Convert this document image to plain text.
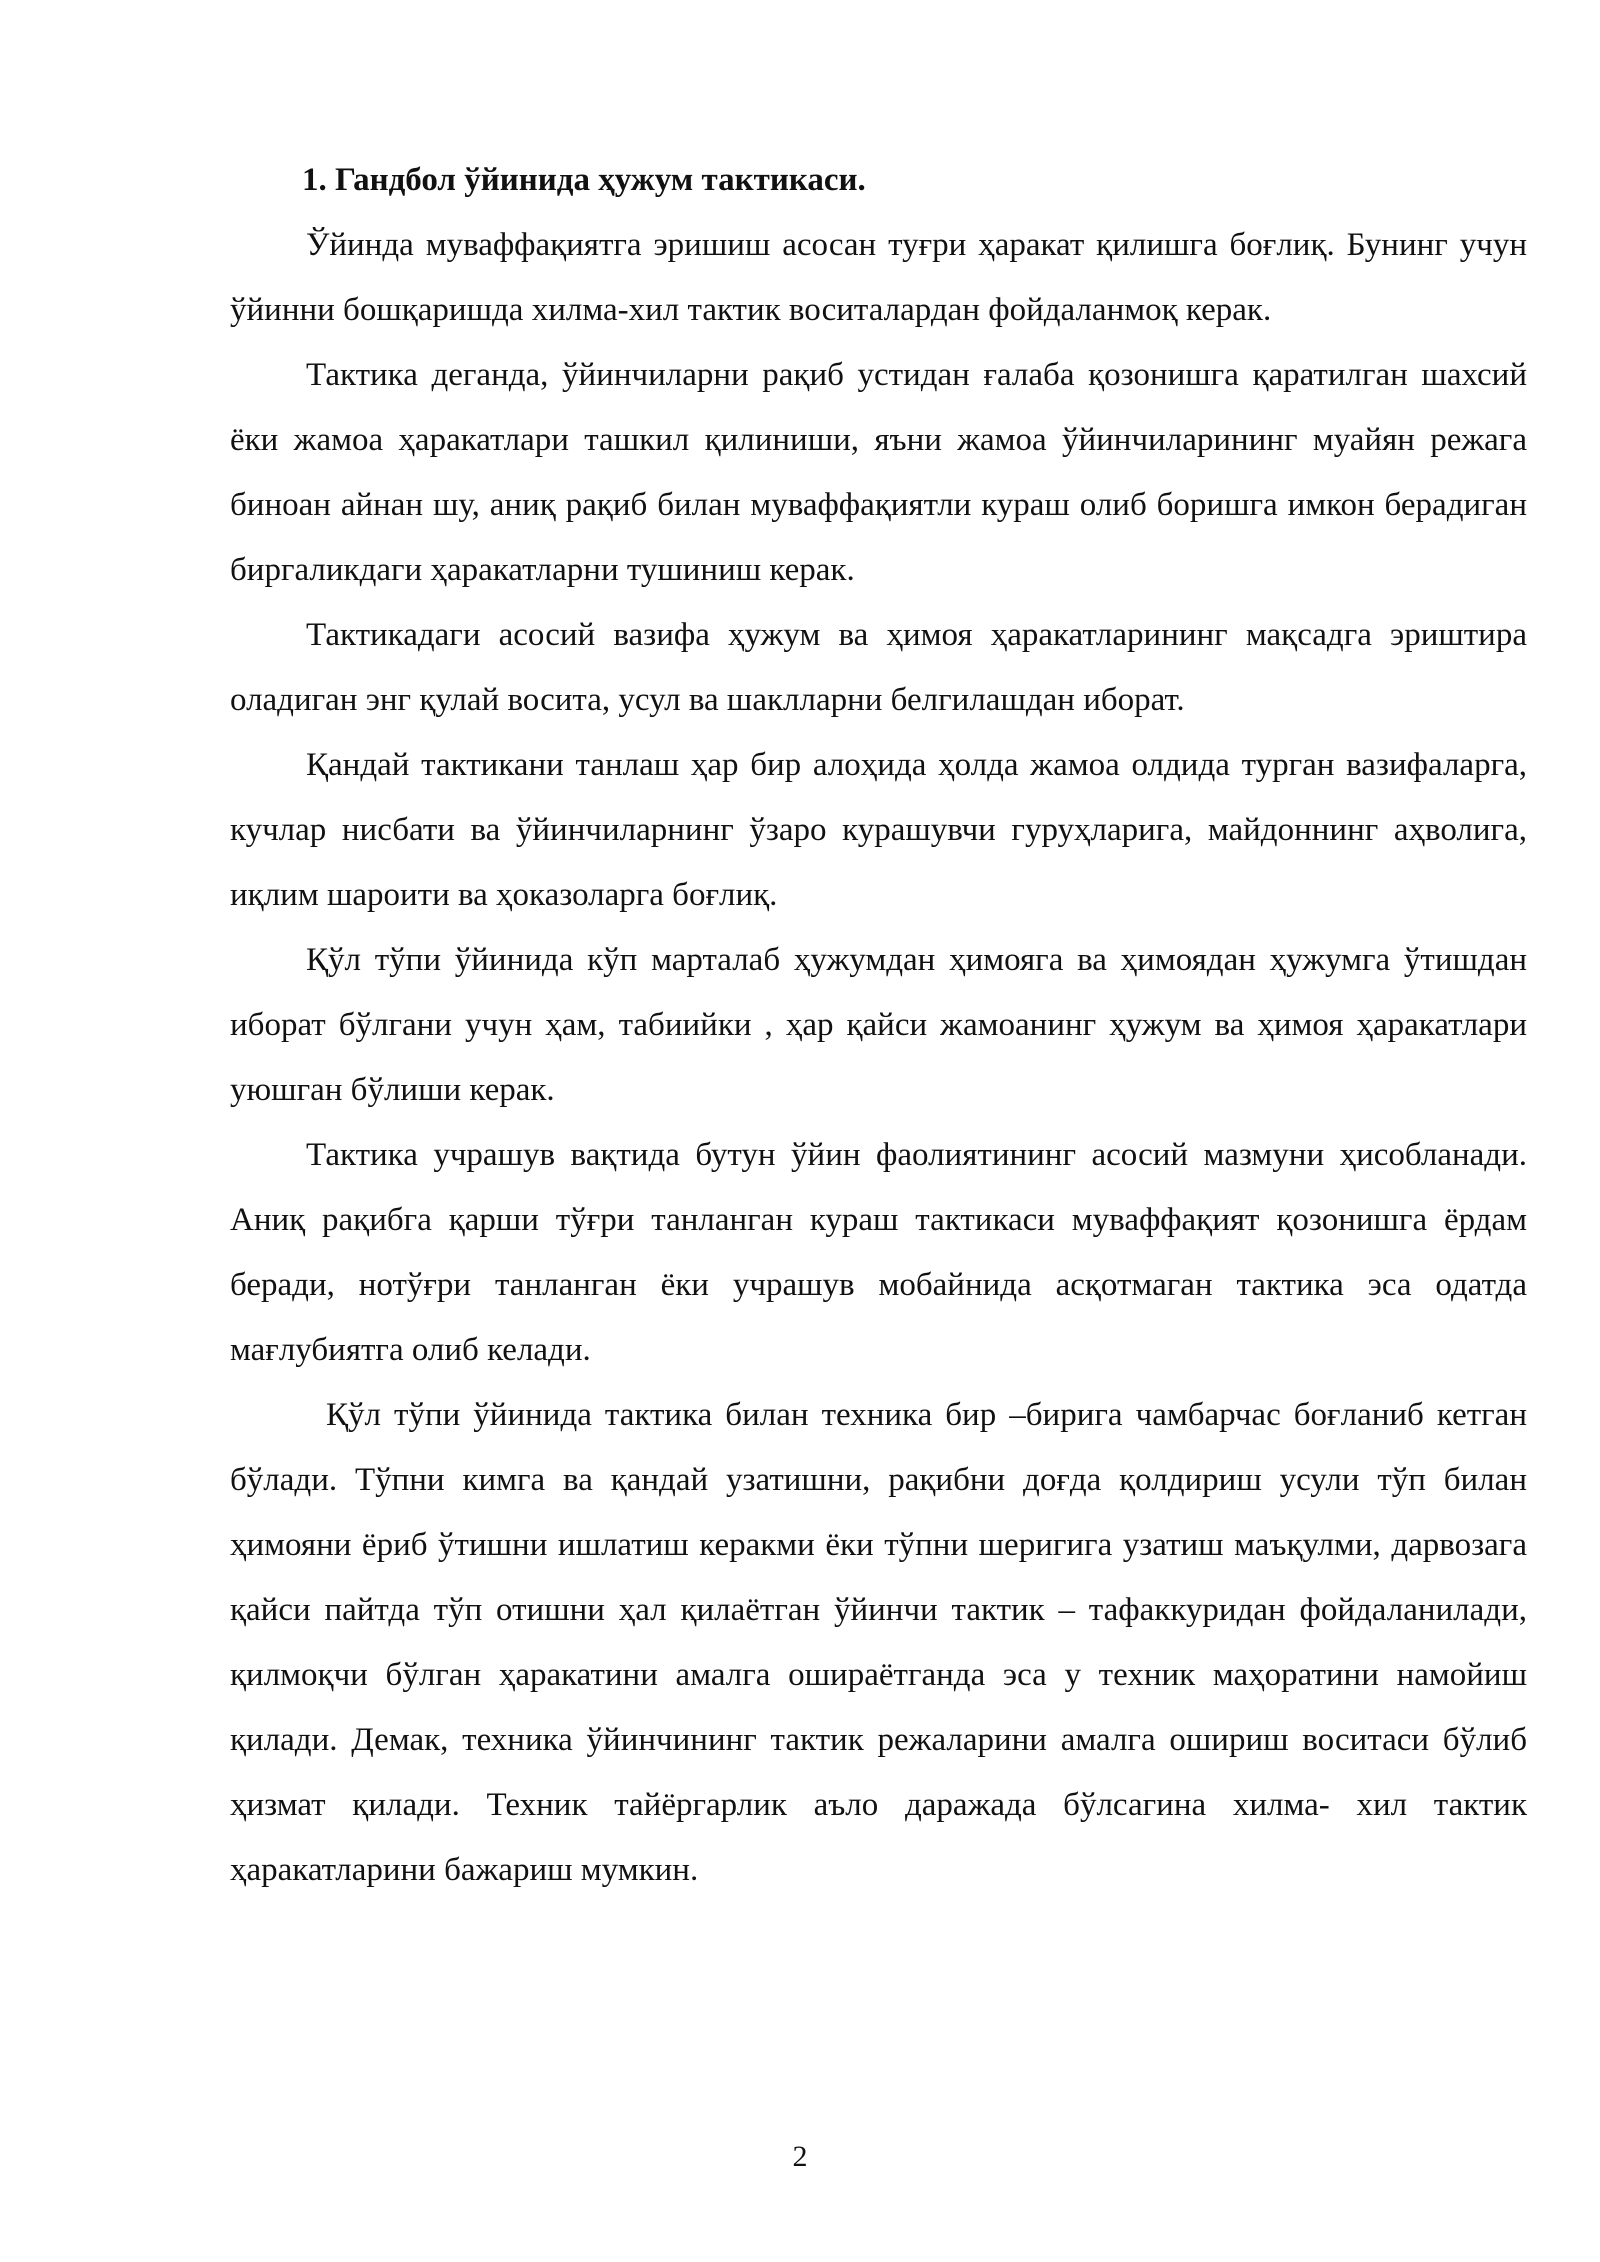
1. Гандбол ўйинида ҳужум тактикаси.

Ўйинда муваффақиятга эришиш асосан туғри ҳаракат қилишга боғлиқ. Бунинг учун ўйинни бошқаришда хилма-хил тактик воситалардан фойдаланмоқ керак.

Тактика деганда, ўйинчиларни рақиб устидан ғалаба қозонишга қаратилган шахсий ёки жамоа ҳаракатлари ташкил қилиниши, яъни жамоа ўйинчиларининг муайян режага биноан айнан шу, аниқ рақиб билан муваффақиятли кураш олиб боришга имкон берадиган биргаликдаги ҳаракатларни тушиниш керак.

Тактикадаги асосий вазифа ҳужум ва ҳимоя ҳаракатларининг мақсадга эриштира оладиган энг қулай восита, усул ва шаклларни белгилашдан иборат.

Қандай тактикани танлаш ҳар бир алоҳида ҳолда жамоа олдида турган вазифаларга, кучлар нисбати ва ўйинчиларнинг ўзаро курашувчи гуруҳларига, майдоннинг аҳволига, иқлим шароити ва ҳоказоларга боғлиқ.

Қўл тўпи ўйинида кўп марталаб ҳужумдан ҳимояга ва ҳимоядан ҳужумга ўтишдан иборат бўлгани учун ҳам, табиийки , ҳар қайси жамоанинг ҳужум ва ҳимоя ҳаракатлари уюшган бўлиши керак.

Тактика учрашув вақтида бутун ўйин фаолиятининг асосий мазмуни ҳисобланади. Аниқ рақибга қарши тўғри танланган кураш тактикаси муваффақият қозонишга ёрдам беради, нотўғри танланган ёки учрашув мобайнида асқотмаган тактика эса одатда мағлубиятга олиб келади.

Қўл тўпи ўйинида тактика билан техника бир –бирига чамбарчас боғланиб кетган бўлади. Тўпни кимга ва қандай узатишни, рақибни доғда қолдириш усули тўп билан ҳимояни ёриб ўтишни ишлатиш керакми ёки тўпни шеригига узатиш маъқулми, дарвозага қайси пайтда тўп отишни ҳал қилаётган ўйинчи тактик – тафаккуридан фойдаланилади, қилмоқчи бўлган ҳаракатини амалга ошираётганда эса у техник маҳоратини намойиш қилади. Демак, техника ўйинчининг тактик режаларини амалга ошириш воситаси бўлиб ҳизмат қилади. Техник тайёргарлик аъло даражада бўлсагина хилма- хил тактик ҳаракатларини бажариш мумкин.

2
